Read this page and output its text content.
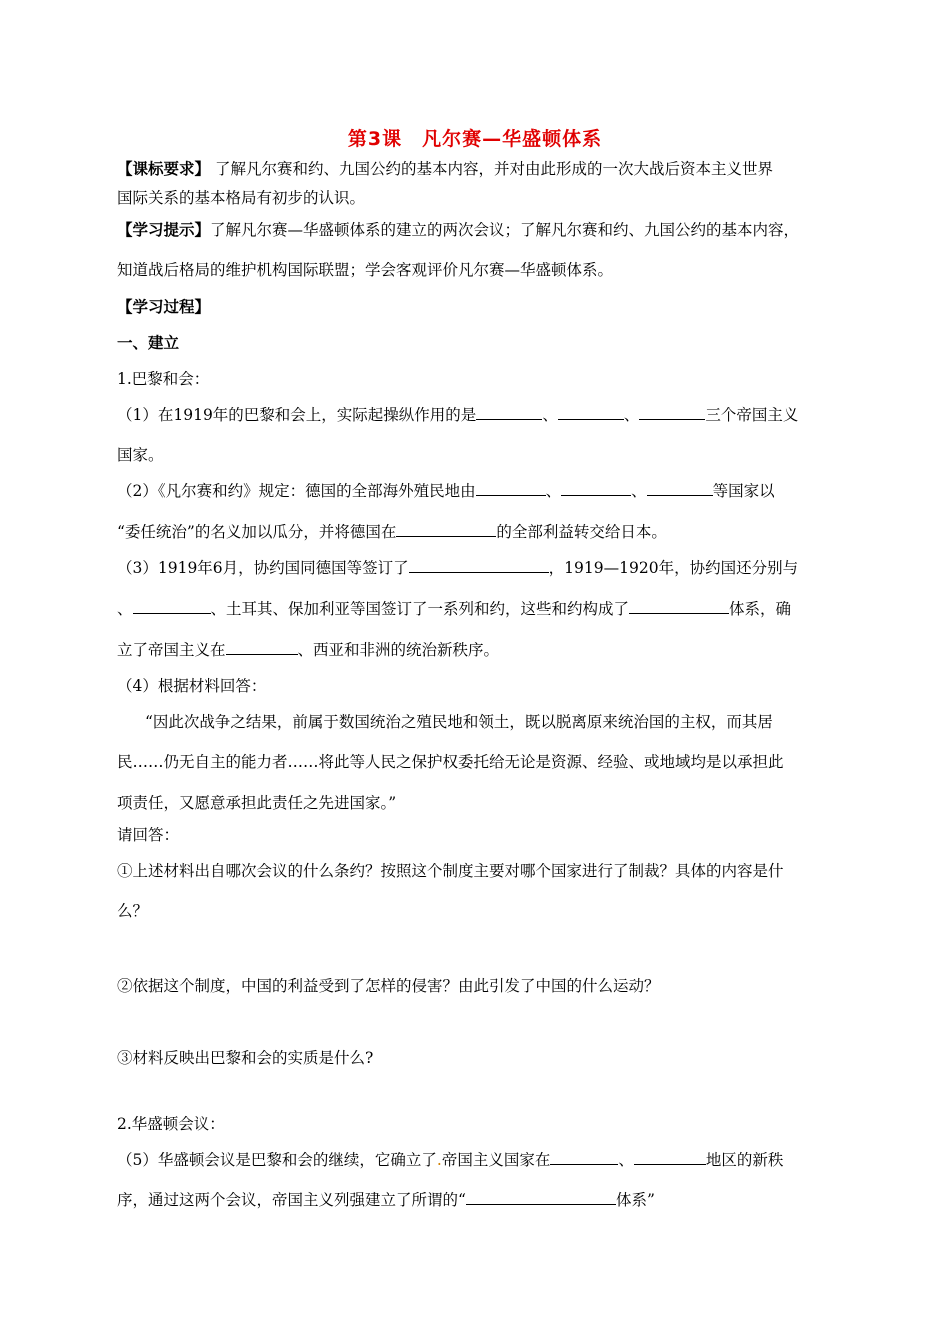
第3课　凡尔赛—华盛顿体系
【课标要求】 了解凡尔赛和约、九国公约的基本内容，并对由此形成的一次大战后资本主义世界
国际关系的基本格局有初步的认识。
【学习提示】了解凡尔赛—华盛顿体系的建立的两次会议；了解凡尔赛和约、九国公约的基本内容，
知道战后格局的维护机构国际联盟；学会客观评价凡尔赛—华盛顿体系。
【学习过程】
一、建立
1.巴黎和会：
（1）在1919年的巴黎和会上，实际起操纵作用的是	、	、	三个帝国主义
国家。
（2）《凡尔赛和约》规定：德国的全部海外殖民地由	、	、	等国家以
“委任统治”的名义加以瓜分，并将德国在	的全部利益转交给日本。
（3）1919年6月，协约国同德国等签订了	，1919—1920年，协约国还分别与
、	、土耳其、保加利亚等国签订了一系列和约，这些和约构成了	体系，确
立了帝国主义在	、西亚和非洲的统治新秩序。
（4）根据材料回答：
“因此次战争之结果，前属于数国统治之殖民地和领土，既以脱离原来统治国的主权，而其居
民……仍无自主的能力者……将此等人民之保护权委托给无论是资源、经验、或地域均是以承担此
项责任，又愿意承担此责任之先进国家。”
请回答：
①上述材料出自哪次会议的什么条约？按照这个制度主要对哪个国家进行了制裁？具体的内容是什
么？
②依据这个制度，中国的利益受到了怎样的侵害？由此引发了中国的什么运动？
③材料反映出巴黎和会的实质是什么?
2.华盛顿会议：
（5）华盛顿会议是巴黎和会的继续，它确立了.帝国主义国家在	、	地区的新秩
序，通过这两个会议，帝国主义列强建立了所谓的“	体系”
